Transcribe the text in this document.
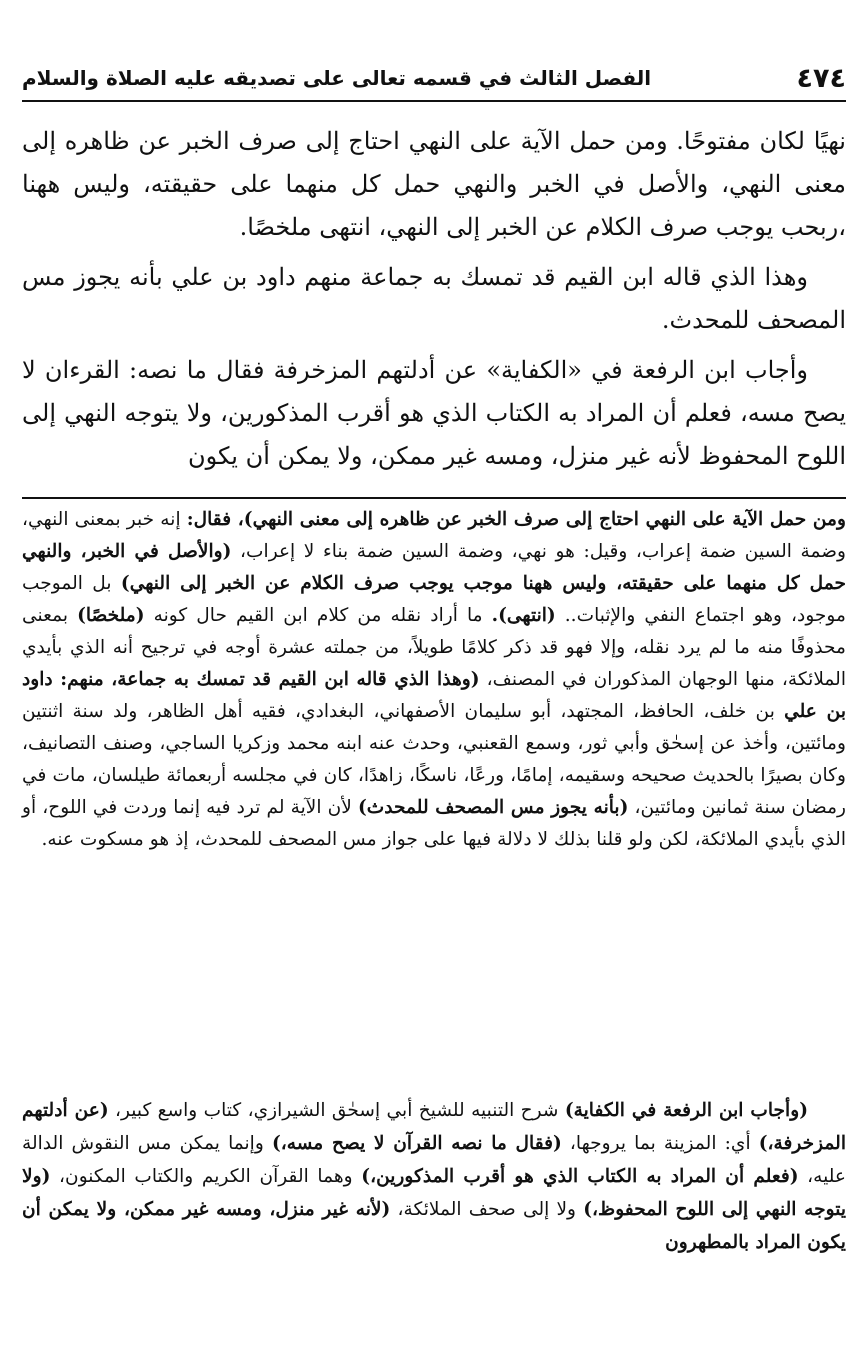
٤٧٤
الفصل الثالث في قسمه تعالى على تصديقه عليه الصلاة والسلام

نهيًا لكان مفتوحًا. ومن حمل الآية على النهي احتاج إلى صرف الخبر عن ظاهره إلى معنى النهي، والأصل في الخبر والنهي حمل كل منهما على حقيقته، وليس ههنا ،ربحب يوجب صرف الكلام عن الخبر إلى النهي، انتهى ملخصًا.

وهذا الذي قاله ابن القيم قد تمسك به جماعة منهم داود بن علي بأنه يجوز مس المصحف للمحدث.

وأجاب ابن الرفعة في «الكفاية» عن أدلتهم المزخرفة فقال ما نصه: القرءان لا يصح مسه، فعلم أن المراد به الكتاب الذي هو أقرب المذكورين، ولا يتوجه النهي إلى اللوح المحفوظ لأنه غير منزل، ومسه غير ممكن، ولا يمكن أن يكون

ومن حمل الآية على النهي احتاج إلى صرف الخبر عن ظاهره إلى معنى النهي)، فقال: إنه خبر بمعنى النهي، وضمة السين ضمة إعراب، وقيل: هو نهي، وضمة السين ضمة بناء لا إعراب، (والأصل في الخبر، والنهي حمل كل منهما على حقيقته، وليس ههنا موجب يوجب صرف الكلام عن الخبر إلى النهي) بل الموجب موجود، وهو اجتماع النفي والإثبات.. (انتهى). ما أراد نقله من كلام ابن القيم حال كونه (ملخصًا) بمعنى محذوفًا منه ما لم يرد نقله، وإلا فهو قد ذكر كلامًا طويلاً، من جملته عشرة أوجه في ترجيح أنه الذي بأيدي الملائكة، منها الوجهان المذكوران في المصنف، (وهذا الذي قاله ابن القيم قد تمسك به جماعة، منهم: داود بن علي بن خلف، الحافظ، المجتهد، أبو سليمان الأصفهاني، البغدادي، فقيه أهل الظاهر، ولد سنة اثنتين ومائتين، وأخذ عن إسحٰق وأبي ثور، وسمع القعنبي، وحدث عنه ابنه محمد وزكريا الساجي، وصنف التصانيف، وكان بصيرًا بالحديث صحيحه وسقيمه، إمامًا، ورعًا، ناسكًا، زاهدًا، كان في مجلسه أربعمائة طيلسان، مات في رمضان سنة ثمانين ومائتين، (بأنه يجوز مس المصحف للمحدث) لأن الآية لم ترد فيه إنما وردت في اللوح، أو الذي بأيدي الملائكة، لكن ولو قلنا بذلك لا دلالة فيها على جواز مس المصحف للمحدث، إذ هو مسكوت عنه.

(وأجاب ابن الرفعة في الكفاية) شرح التنبيه للشيخ أبي إسحٰق الشيرازي، كتاب واسع كبير، (عن أدلتهم المزخرفة،) أي: المزينة بما يروجها، (فقال ما نصه القرآن لا يصح مسه،) وإنما يمكن مس النقوش الدالة عليه، (فعلم أن المراد به الكتاب الذي هو أقرب المذكورين،) وهما القرآن الكريم والكتاب المكنون، (ولا يتوجه النهي إلى اللوح المحفوظ،) ولا إلى صحف الملائكة، (لأنه غير منزل، ومسه غير ممكن، ولا يمكن أن يكون المراد بالمطهرون
